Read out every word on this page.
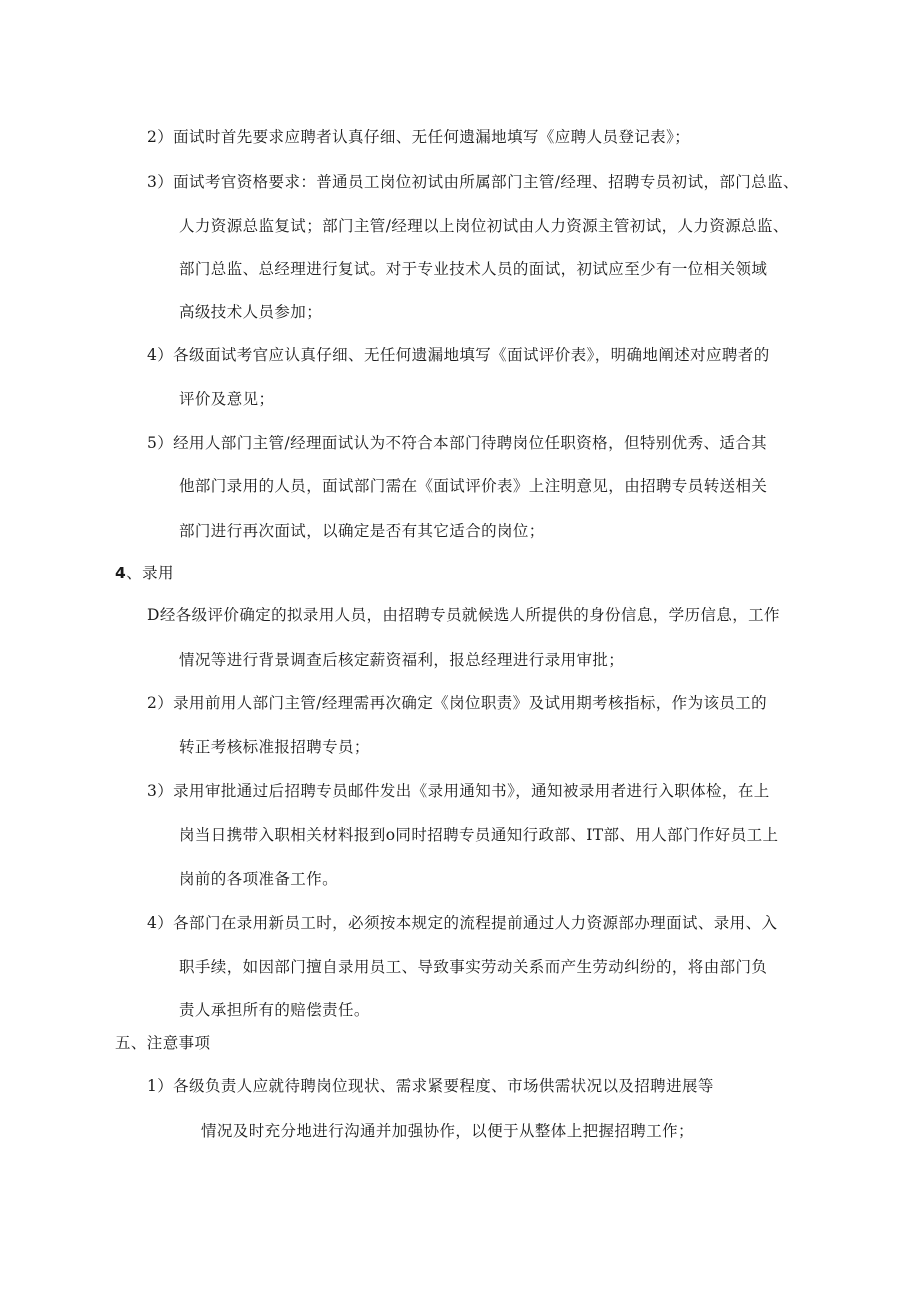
2）面试时首先要求应聘者认真仔细、无任何遗漏地填写《应聘人员登记表》；
3）面试考官资格要求：普通员工岗位初试由所属部门主管/经理、招聘专员初试，部门总监、
人力资源总监复试；部门主管/经理以上岗位初试由人力资源主管初试，人力资源总监、
部门总监、总经理进行复试。对于专业技术人员的面试，初试应至少有一位相关领域
高级技术人员参加；
4）各级面试考官应认真仔细、无任何遗漏地填写《面试评价表》，明确地阐述对应聘者的
评价及意见；
5）经用人部门主管/经理面试认为不符合本部门待聘岗位任职资格，但特别优秀、适合其
他部门录用的人员，面试部门需在《面试评价表》上注明意见，由招聘专员转送相关
部门进行再次面试，以确定是否有其它适合的岗位；
4、录用
D经各级评价确定的拟录用人员，由招聘专员就候选人所提供的身份信息，学历信息，工作
情况等进行背景调查后核定薪资福利，报总经理进行录用审批；
2）录用前用人部门主管/经理需再次确定《岗位职责》及试用期考核指标，作为该员工的
转正考核标准报招聘专员；
3）录用审批通过后招聘专员邮件发出《录用通知书》，通知被录用者进行入职体检，在上
岗当日携带入职相关材料报到o同时招聘专员通知行政部、IT部、用人部门作好员工上
岗前的各项准备工作。
4）各部门在录用新员工时，必须按本规定的流程提前通过人力资源部办理面试、录用、入
职手续，如因部门擅自录用员工、导致事实劳动关系而产生劳动纠纷的，将由部门负
责人承担所有的赔偿责任。
五、注意事项
1）各级负责人应就待聘岗位现状、需求紧要程度、市场供需状况以及招聘进展等
情况及时充分地进行沟通并加强协作，以便于从整体上把握招聘工作；
